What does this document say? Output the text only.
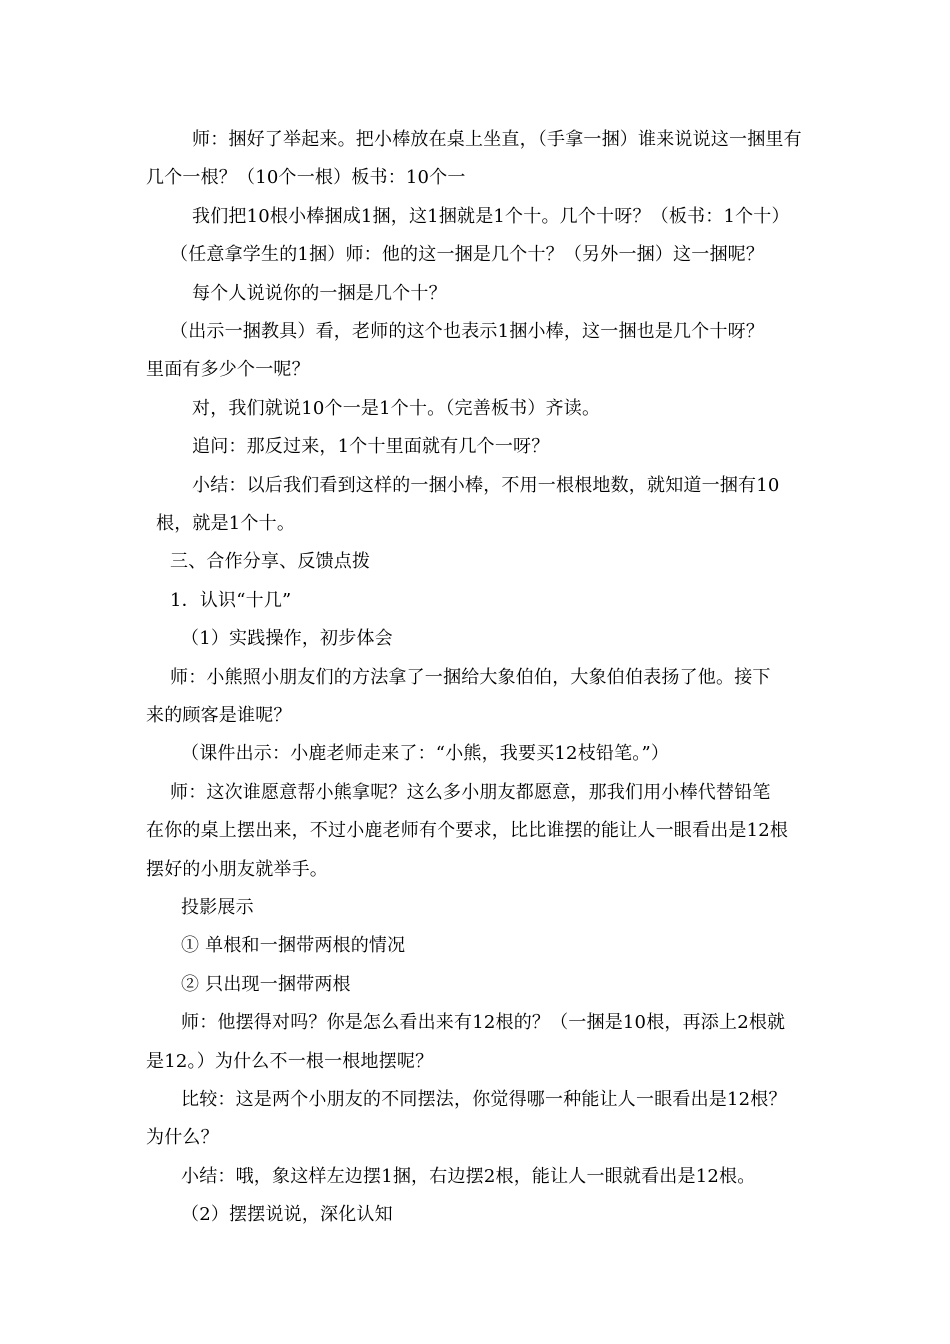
师：捆好了举起来。把小棒放在桌上坐直，（手拿一捆）谁来说说这一捆里有
几个一根？（10个一根）板书：10个一
我们把10根小棒捆成1捆，这1捆就是1个十。几个十呀？（板书：1个十）
（任意拿学生的1捆）师：他的这一捆是几个十？（另外一捆）这一捆呢？
每个人说说你的一捆是几个十？
（出示一捆教具）看，老师的这个也表示1捆小棒，这一捆也是几个十呀？
里面有多少个一呢？
对，我们就说10个一是1个十。（完善板书）齐读。
追问：那反过来，1个十里面就有几个一呀？
小结：以后我们看到这样的一捆小棒，不用一根根地数，就知道一捆有10
根，就是1个十。
三、合作分享、反馈点拨
1．认识“十几”
（1）实践操作，初步体会
师：小熊照小朋友们的方法拿了一捆给大象伯伯，大象伯伯表扬了他。接下
来的顾客是谁呢？
（课件出示：小鹿老师走来了：“小熊，我要买12枝铅笔。”）
师：这次谁愿意帮小熊拿呢？这么多小朋友都愿意，那我们用小棒代替铅笔
在你的桌上摆出来，不过小鹿老师有个要求，比比谁摆的能让人一眼看出是12根
摆好的小朋友就举手。
投影展示
① 单根和一捆带两根的情况
② 只出现一捆带两根
师：他摆得对吗？你是怎么看出来有12根的？（一捆是10根，再添上2根就
是12。）为什么不一根一根地摆呢？
比较：这是两个小朋友的不同摆法，你觉得哪一种能让人一眼看出是12根？
为什么？
小结：哦，象这样左边摆1捆，右边摆2根，能让人一眼就看出是12根。
（2）摆摆说说，深化认知
